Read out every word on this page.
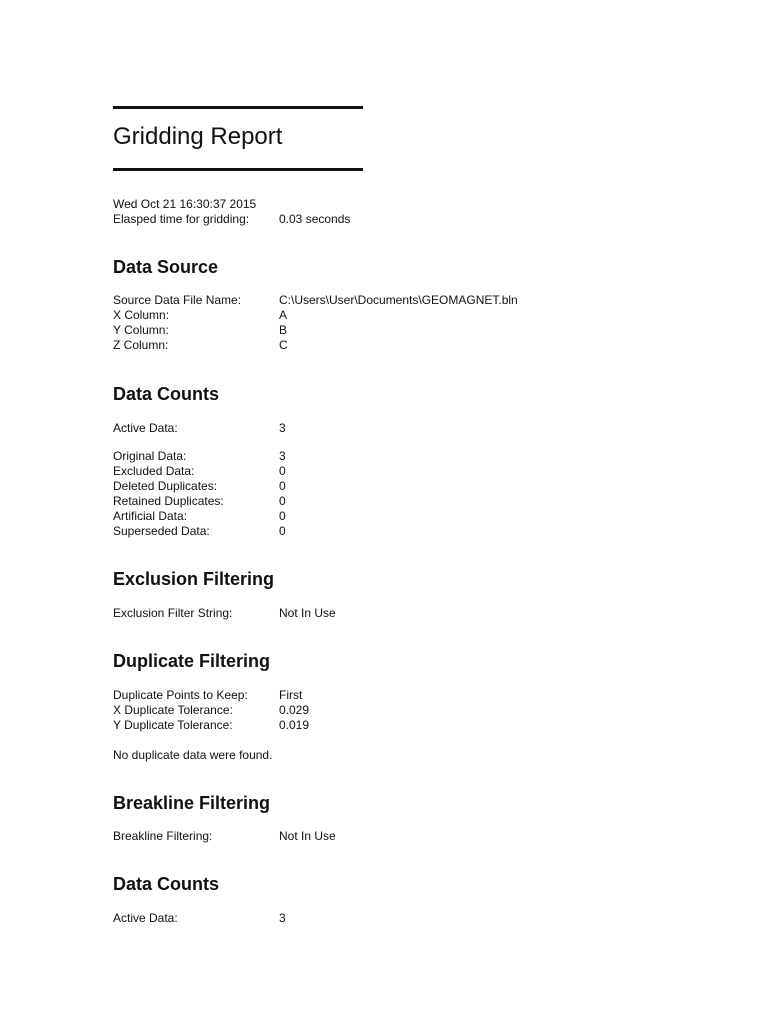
Gridding Report
Wed Oct 21 16:30:37 2015
Elasped time for gridding: 0.03 seconds
Data Source
Source Data File Name:	C:\Users\User\Documents\GEOMAGNET.bln
X Column:	A
Y Column:	B
Z Column:	C
Data Counts
Active Data:	3
Original Data:	3
Excluded Data:	0
Deleted Duplicates:	0
Retained Duplicates:	0
Artificial Data:	0
Superseded Data:	0
Exclusion Filtering
Exclusion Filter String:	Not In Use
Duplicate Filtering
Duplicate Points to Keep:	First
X Duplicate Tolerance:	0.029
Y Duplicate Tolerance:	0.019
No duplicate data were found.
Breakline Filtering
Breakline Filtering:	Not In Use
Data Counts
Active Data:	3
